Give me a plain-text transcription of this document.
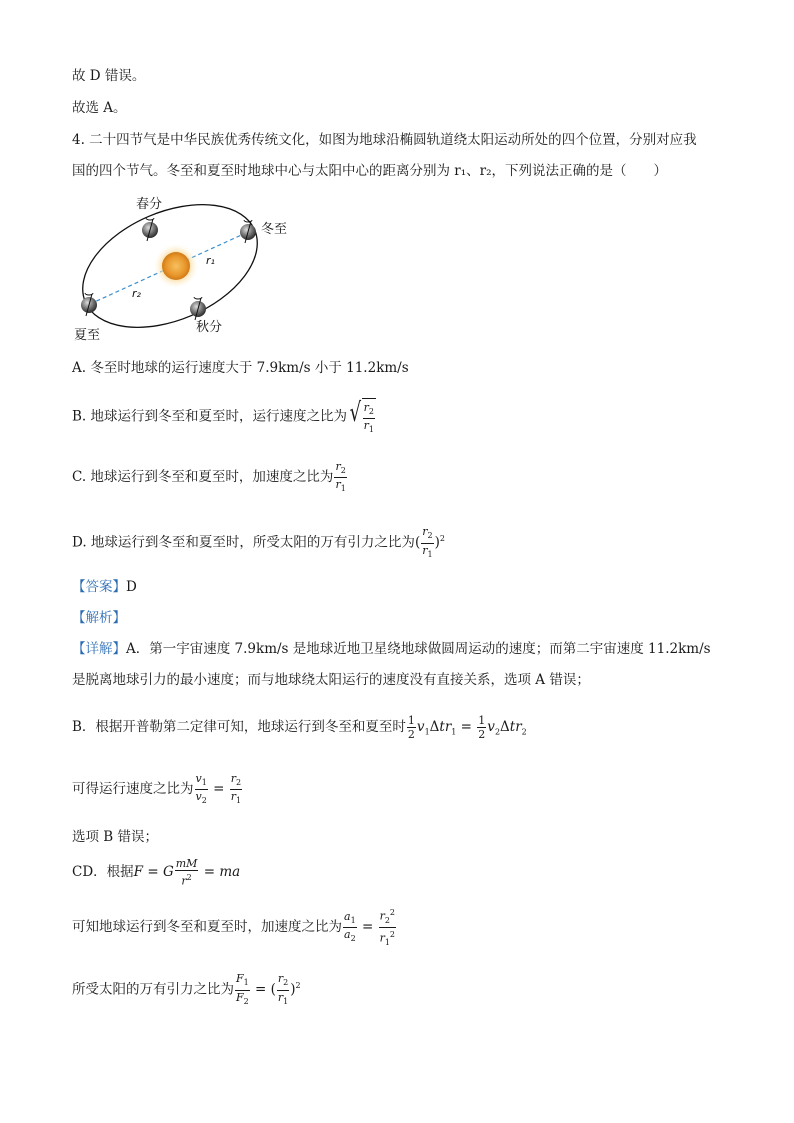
故 D 错误。
故选 A。
4. 二十四节气是中华民族优秀传统文化，如图为地球沿椭圆轨道绕太阳运动所处的四个位置，分别对应我
国的四个节气。冬至和夏至时地球中心与太阳中心的距离分别为 r₁、r₂，下列说法正确的是（　　）
春分
冬至
夏至
秋分
r₁
r₂
A. 冬至时地球的运行速度大于 7.9km/s 小于 11.2km/s
B. 地球运行到冬至和夏至时，运行速度之比为 √ $\frac{r_2}{r_1}$
C. 地球运行到冬至和夏至时，加速度之比为 $\frac{r_2}{r_1}$
D. 地球运行到冬至和夏至时，所受太阳的万有引力之比为( $\frac{r_2}{r_1} )^2$
【答案】D
【解析】
【详解】A．第一宇宙速度 7.9km/s 是地球近地卫星绕地球做圆周运动的速度；而第二宇宙速度 11.2km/s
是脱离地球引力的最小速度；而与地球绕太阳运行的速度没有直接关系，选项 A 错误；
B．根据开普勒第二定律可知，地球运行到冬至和夏至时 $\frac{1}{2} v_1\Delta tr_1 = \frac{1}{2} v_2\Delta tr_2$
可得运行速度之比为 $\frac{v_1}{v_2} = \frac{r_2}{r_1}$
选项 B 错误；
CD．根据F = G $\frac{mM}{r^2}$ = ma
可知地球运行到冬至和夏至时，加速度之比为 $\frac{a_1}{a_2} = \frac{r_2^2}{r_1^2}$
所受太阳的万有引力之比为 $\frac{F_1}{F_2}$ = ( $\frac{r_2}{r_1} )^2$
